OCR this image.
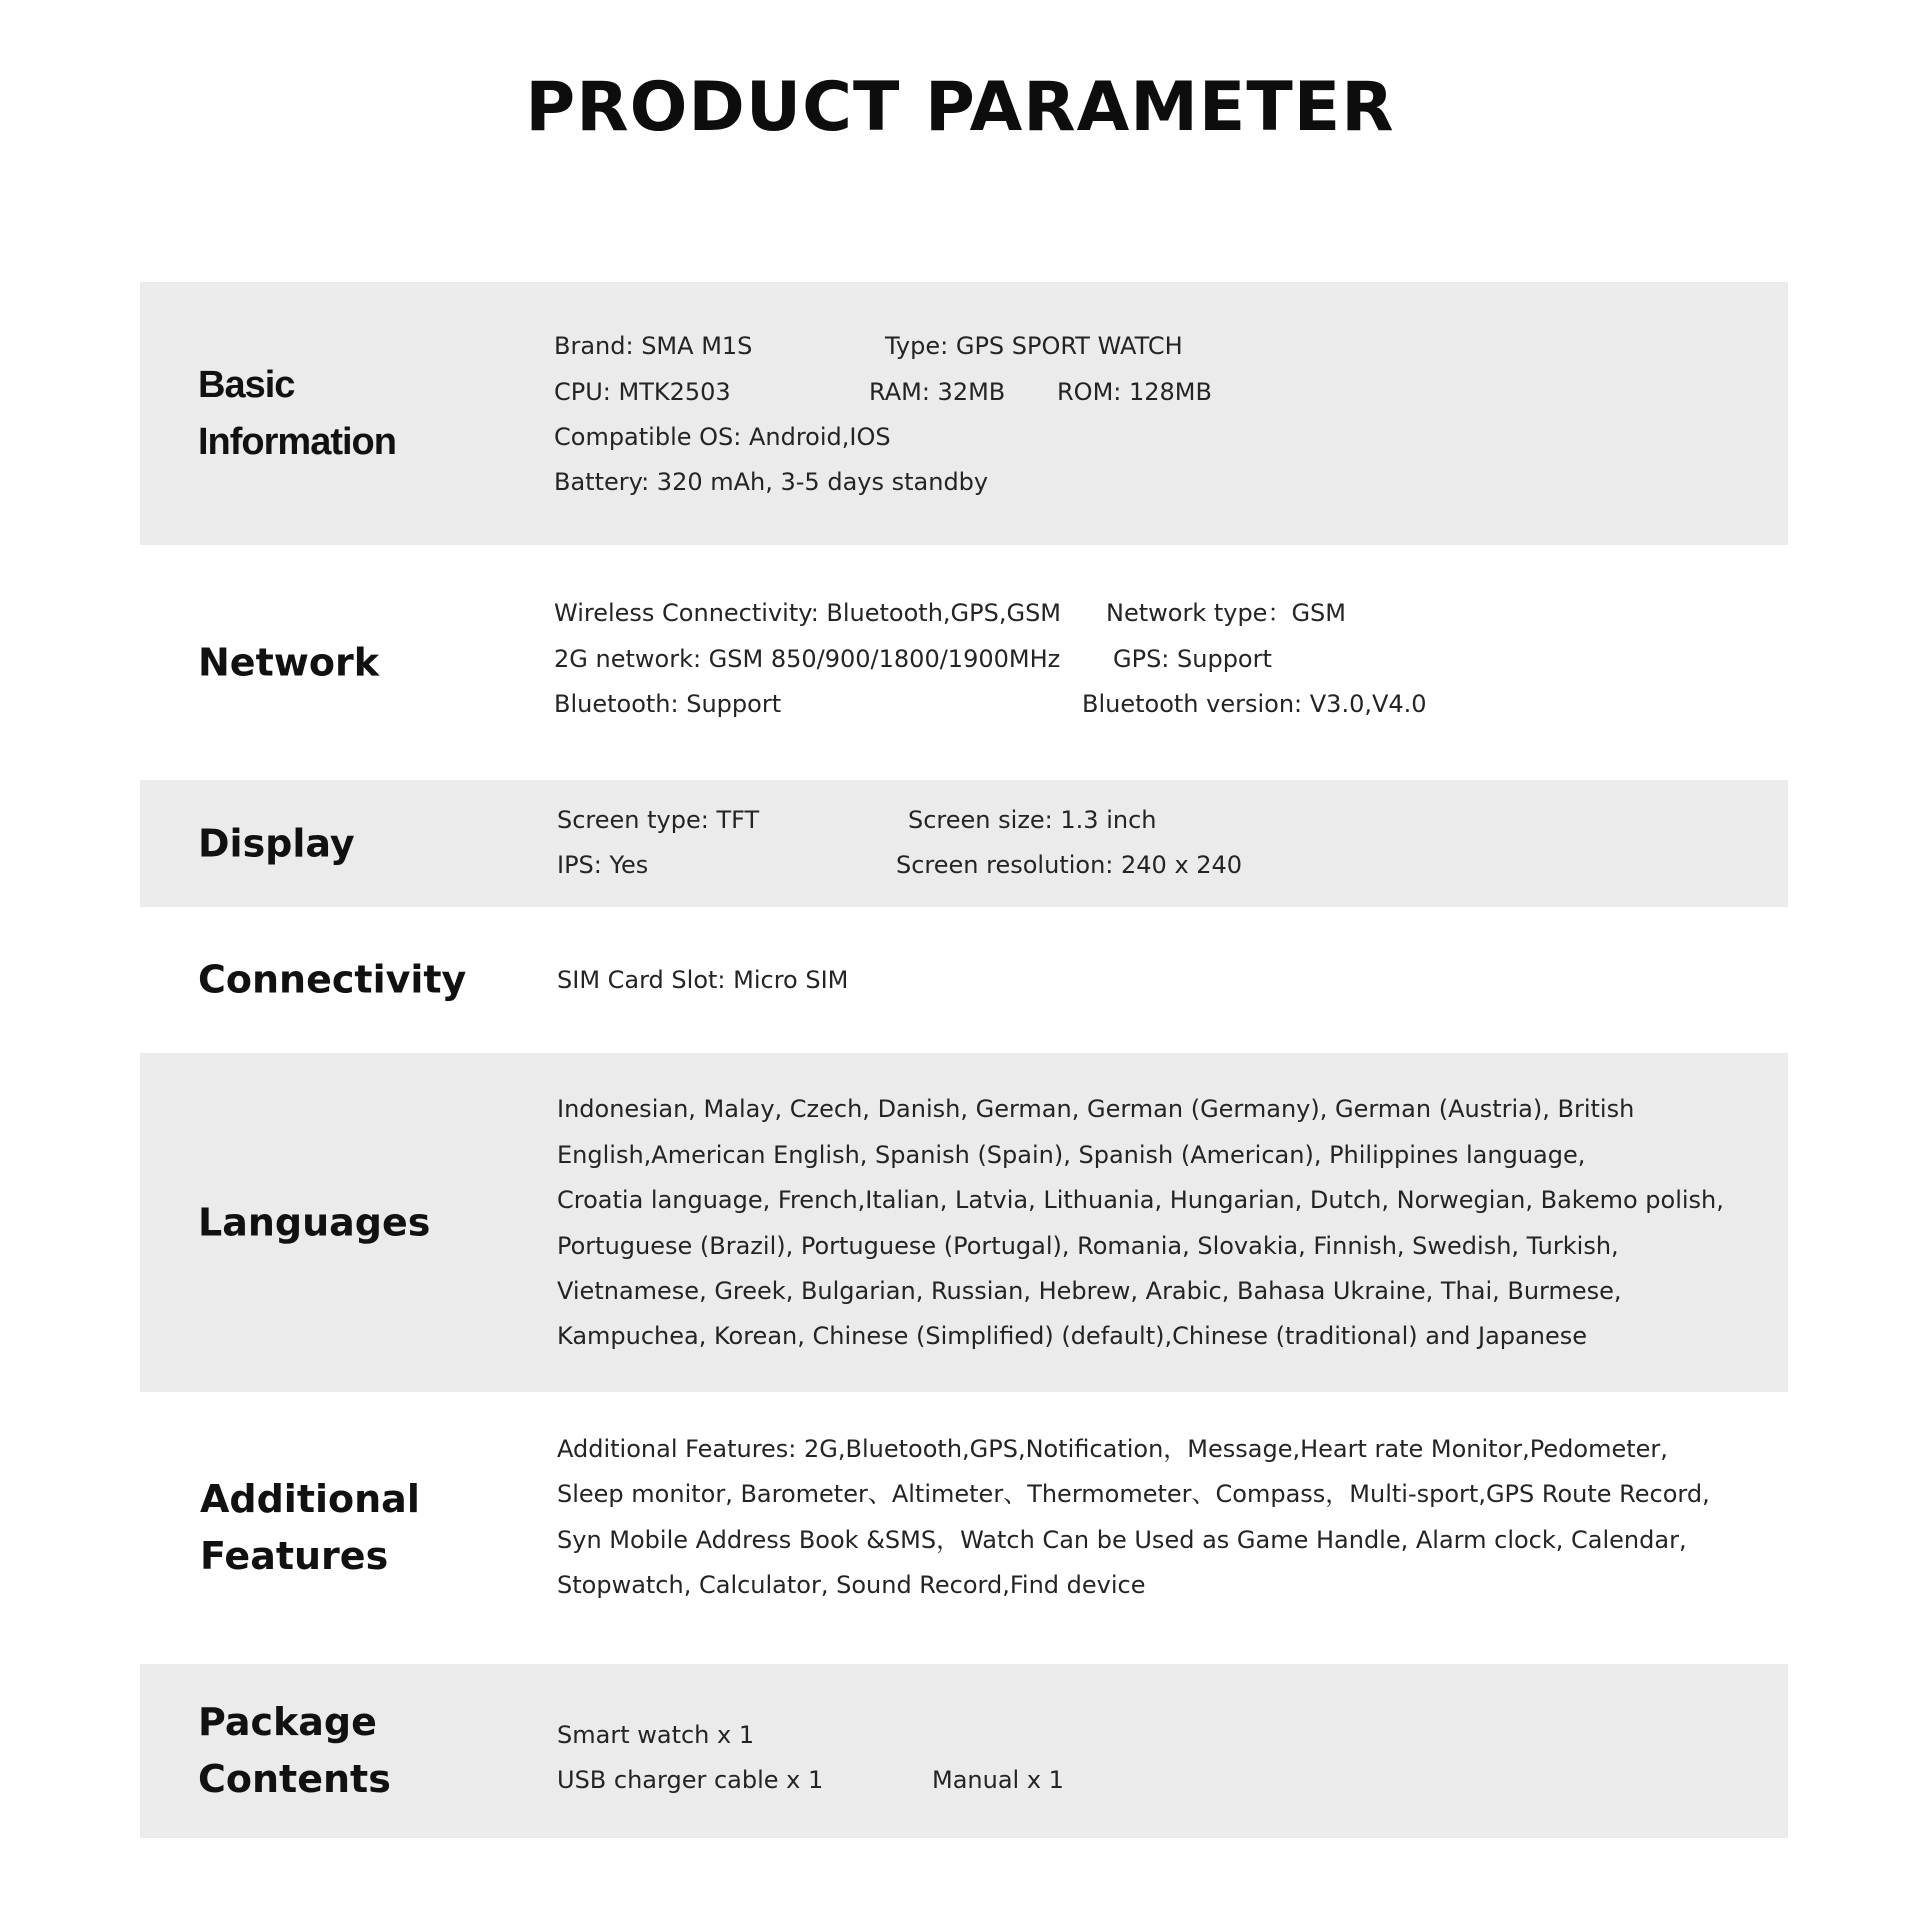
PRODUCT PARAMETER
Basic
Information
Brand: SMA M1S	Type: GPS SPORT WATCH
CPU: MTK2503	RAM: 32MB ROM: 128MB
Compatible OS: Android,IOS
Battery: 320 mAh, 3-5 days standby
Network
Wireless Connectivity: Bluetooth,GPS,GSM Network type：GSM
2G network: GSM 850/900/1800/1900MHz GPS: Support
Bluetooth: Support	Bluetooth version: V3.0,V4.0
Display
Screen type: TFT	Screen size: 1.3 inch
IPS: Yes	Screen resolution: 240 x 240
Connectivity	SIM Card Slot: Micro SIM
Languages
Indonesian, Malay, Czech, Danish, German, German (Germany), German (Austria), British
English,American English, Spanish (Spain), Spanish (American), Philippines language,
Croatia language, French,Italian, Latvia, Lithuania, Hungarian, Dutch, Norwegian, Bakemo polish,
Portuguese (Brazil), Portuguese (Portugal), Romania, Slovakia, Finnish, Swedish, Turkish,
Vietnamese, Greek, Bulgarian, Russian, Hebrew, Arabic, Bahasa Ukraine, Thai, Burmese,
Kampuchea, Korean, Chinese (Simplified) (default),Chinese (traditional) and Japanese
Additional
Features
Additional Features: 2G,Bluetooth,GPS,Notification，Message,Heart rate Monitor,Pedometer,
Sleep monitor, Barometer、Altimeter、Thermometer、Compass，Multi-sport,GPS Route Record,
Syn Mobile Address Book &SMS，Watch Can be Used as Game Handle, Alarm clock, Calendar,
Stopwatch, Calculator, Sound Record,Find device
Package
Contents
Smart watch x 1
USB charger cable x 1	Manual x 1
